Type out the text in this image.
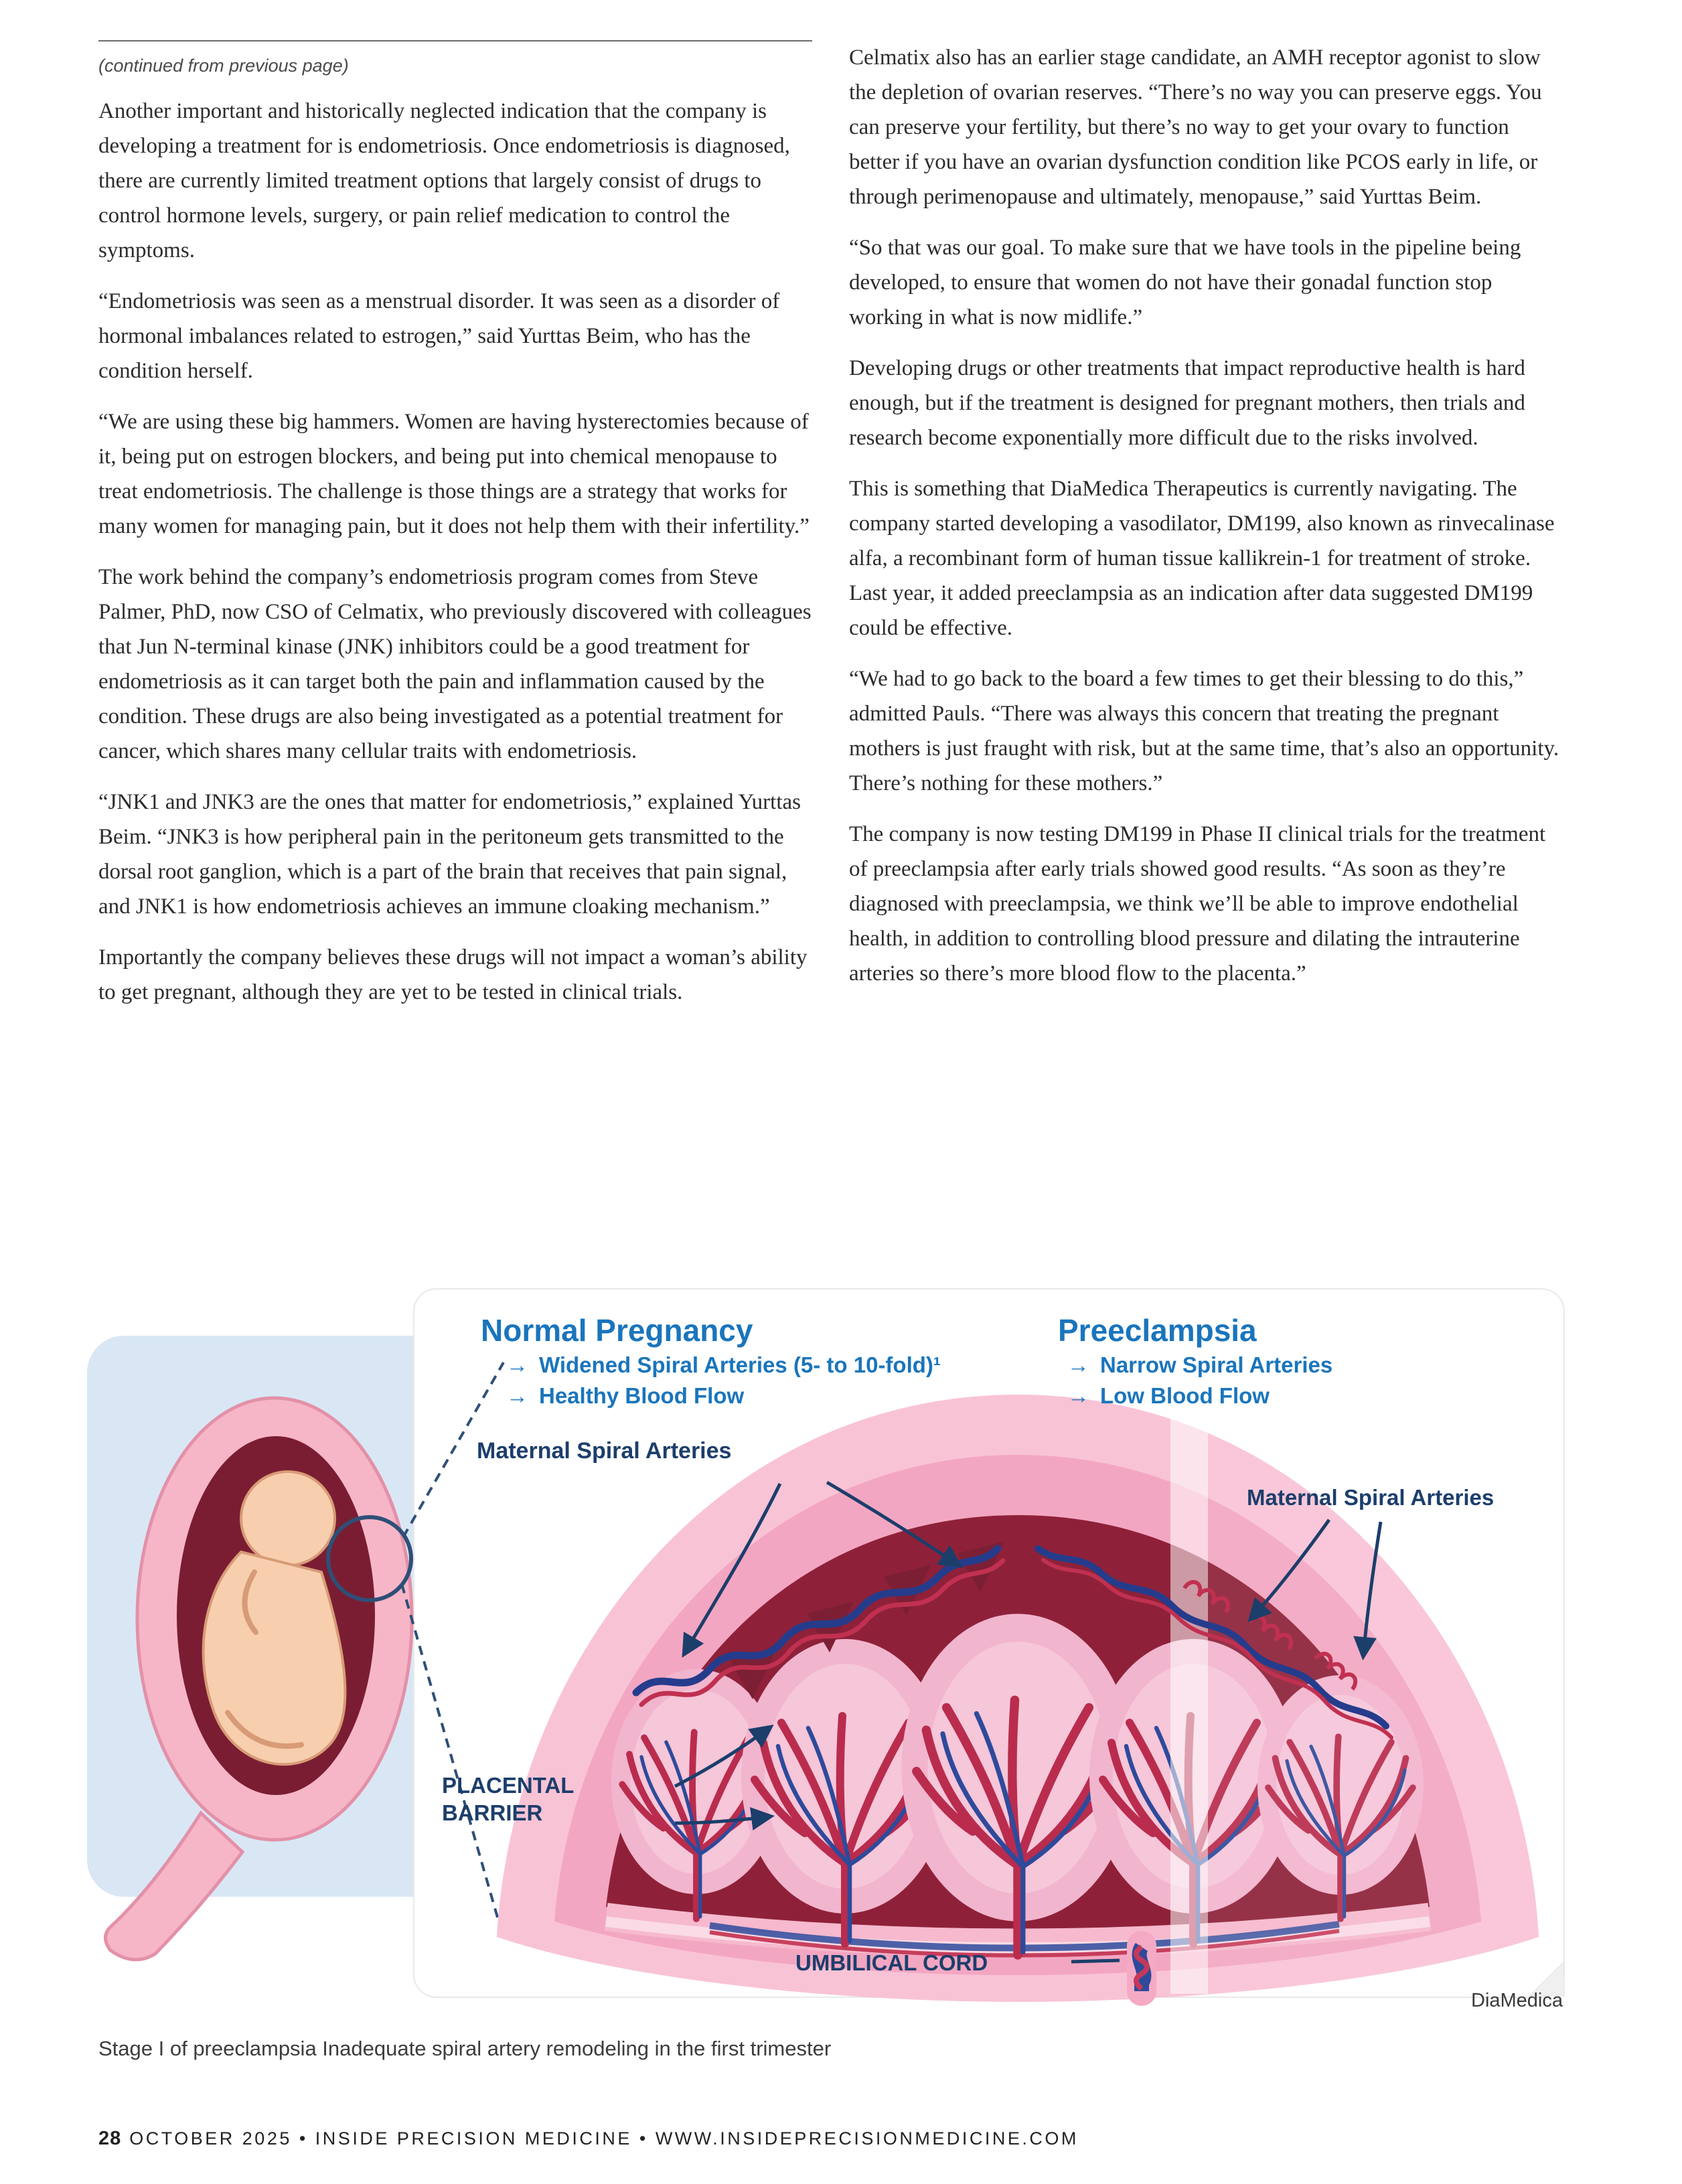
(continued from previous page)

Another important and historically neglected indication that the company is developing a treatment for is endometriosis. Once endometriosis is diagnosed, there are currently limited treatment options that largely consist of drugs to control hormone levels, surgery, or pain relief medication to control the symptoms.

“Endometriosis was seen as a menstrual disorder. It was seen as a disorder of hormonal imbalances related to estrogen,” said Yurttas Beim, who has the condition herself.

“We are using these big hammers. Women are having hysterectomies because of it, being put on estrogen blockers, and being put into chemical menopause to treat endometriosis. The challenge is those things are a strategy that works for many women for managing pain, but it does not help them with their infertility.”

The work behind the company’s endometriosis program comes from Steve Palmer, PhD, now CSO of Celmatix, who previously discovered with colleagues that Jun N-terminal kinase (JNK) inhibitors could be a good treatment for endometriosis as it can target both the pain and inflammation caused by the condition. These drugs are also being investigated as a potential treatment for cancer, which shares many cellular traits with endometriosis.

“JNK1 and JNK3 are the ones that matter for endometriosis,” explained Yurttas Beim. “JNK3 is how peripheral pain in the peritoneum gets transmitted to the dorsal root ganglion, which is a part of the brain that receives that pain signal, and JNK1 is how endometriosis achieves an immune cloaking mechanism.”

Importantly the company believes these drugs will not impact a woman’s ability to get pregnant, although they are yet to be tested in clinical trials.

Celmatix also has an earlier stage candidate, an AMH receptor agonist to slow the depletion of ovarian reserves. “There’s no way you can preserve eggs. You can preserve your fertility, but there’s no way to get your ovary to function better if you have an ovarian dysfunction condition like PCOS early in life, or through perimenopause and ultimately, menopause,” said Yurttas Beim.

“So that was our goal. To make sure that we have tools in the pipeline being developed, to ensure that women do not have their gonadal function stop working in what is now midlife.”

Developing drugs or other treatments that impact reproductive health is hard enough, but if the treatment is designed for pregnant mothers, then trials and research become exponentially more difficult due to the risks involved.

This is something that DiaMedica Therapeutics is currently navigating. The company started developing a vasodilator, DM199, also known as rinvecalinase alfa, a recombinant form of human tissue kallikrein-1 for treatment of stroke. Last year, it added preeclampsia as an indication after data suggested DM199 could be effective.

“We had to go back to the board a few times to get their blessing to do this,” admitted Pauls. “There was always this concern that treating the pregnant mothers is just fraught with risk, but at the same time, that’s also an opportunity. There’s nothing for these mothers.”

The company is now testing DM199 in Phase II clinical trials for the treatment of preeclampsia after early trials showed good results. “As soon as they’re diagnosed with preeclampsia, we think we’ll be able to improve endothelial health, in addition to controlling blood pressure and dilating the intrauterine arteries so there’s more blood flow to the placenta.”

Normal Pregnancy
→ Widened Spiral Arteries (5- to 10-fold)¹
→ Healthy Blood Flow
Preeclampsia
→ Narrow Spiral Arteries
→ Low Blood Flow
Maternal Spiral Arteries
Maternal Spiral Arteries
PLACENTAL
BARRIER
UMBILICAL CORD
DiaMedica
Stage I of preeclampsia Inadequate spiral artery remodeling in the first trimester
28 OCTOBER 2025 • INSIDE PRECISION MEDICINE • WWW.INSIDEPRECISIONMEDICINE.COM
